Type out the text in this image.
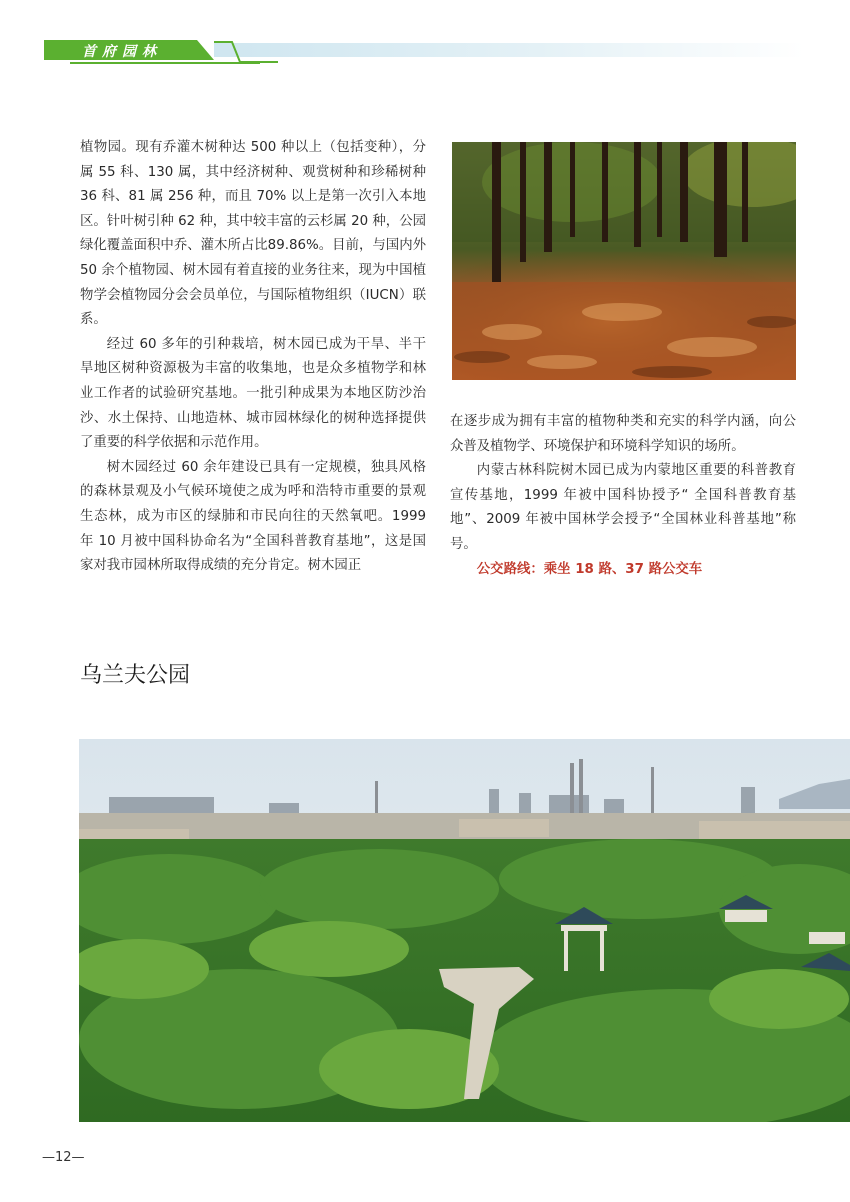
首府园林

植物园。现有乔灌木树种达 500 种以上（包括变种），分属 55 科、130 属，其中经济树种、观赏树种和珍稀树种 36 科、81 属 256 种，而且 70% 以上是第一次引入本地区。针叶树引种 62 种，其中较丰富的云杉属 20 种，公园绿化覆盖面积中乔、灌木所占比89.86%。目前，与国内外 50 余个植物园、树木园有着直接的业务往来，现为中国植物学会植物园分会会员单位，与国际植物组织（IUCN）联系。

经过 60 多年的引种栽培，树木园已成为干旱、半干旱地区树种资源极为丰富的收集地，也是众多植物学和林业工作者的试验研究基地。一批引种成果为本地区防沙治沙、水土保持、山地造林、城市园林绿化的树种选择提供了重要的科学依据和示范作用。

树木园经过 60 余年建设已具有一定规模，独具风格的森林景观及小气候环境使之成为呼和浩特市重要的景观生态林，成为市区的绿肺和市民向往的天然氧吧。1999 年 10 月被中国科协命名为“全国科普教育基地”，这是国家对我市园林所取得成绩的充分肯定。树木园正

在逐步成为拥有丰富的植物种类和充实的科学内涵，向公众普及植物学、环境保护和环境科学知识的场所。

内蒙古林科院树木园已成为内蒙地区重要的科普教育宣传基地，1999 年被中国科协授予“ 全国科普教育基地”、2009 年被中国林学会授予“全国林业科普基地”称号。

公交路线：乘坐 18 路、37 路公交车

乌兰夫公园
—12—
